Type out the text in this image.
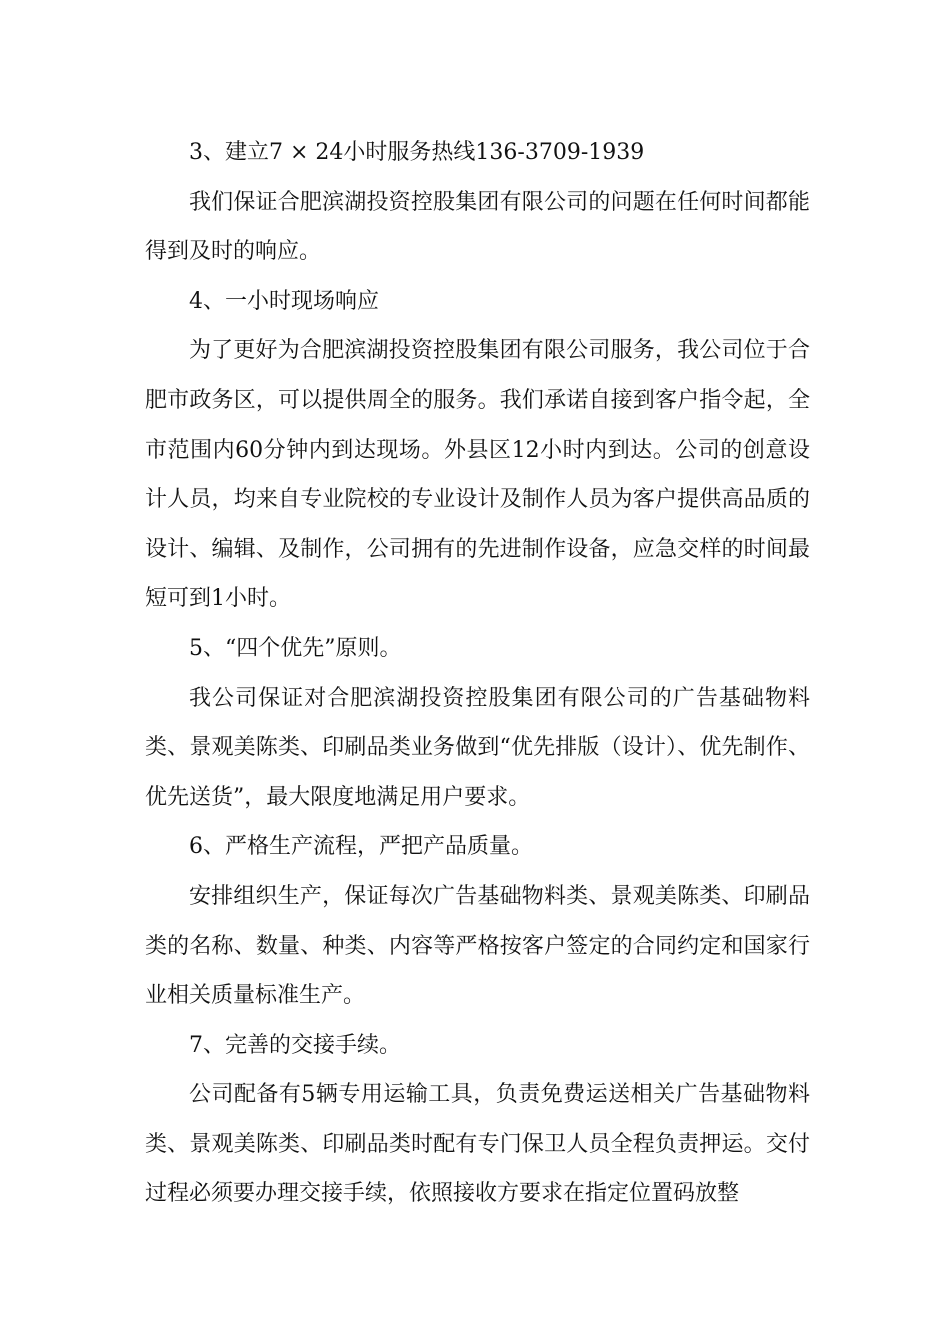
3、建立7 × 24小时服务热线136-3709-1939

我们保证合肥滨湖投资控股集团有限公司的问题在任何时间都能得到及时的响应。

4、一小时现场响应

为了更好为合肥滨湖投资控股集团有限公司服务，我公司位于合肥市政务区，可以提供周全的服务。我们承诺自接到客户指令起，全市范围内60分钟内到达现场。外县区12小时内到达。公司的创意设计人员，均来自专业院校的专业设计及制作人员为客户提供高品质的设计、编辑、及制作，公司拥有的先进制作设备，应急交样的时间最短可到1小时。

5、“四个优先”原则。

我公司保证对合肥滨湖投资控股集团有限公司的广告基础物料类、景观美陈类、印刷品类业务做到“优先排版（设计）、优先制作、优先送货”，最大限度地满足用户要求。

6、严格生产流程，严把产品质量。

安排组织生产，保证每次广告基础物料类、景观美陈类、印刷品类的名称、数量、种类、内容等严格按客户签定的合同约定和国家行业相关质量标准生产。

7、完善的交接手续。

公司配备有5辆专用运输工具，负责免费运送相关广告基础物料类、景观美陈类、印刷品类时配有专门保卫人员全程负责押运。交付过程必须要办理交接手续，依照接收方要求在指定位置码放整
